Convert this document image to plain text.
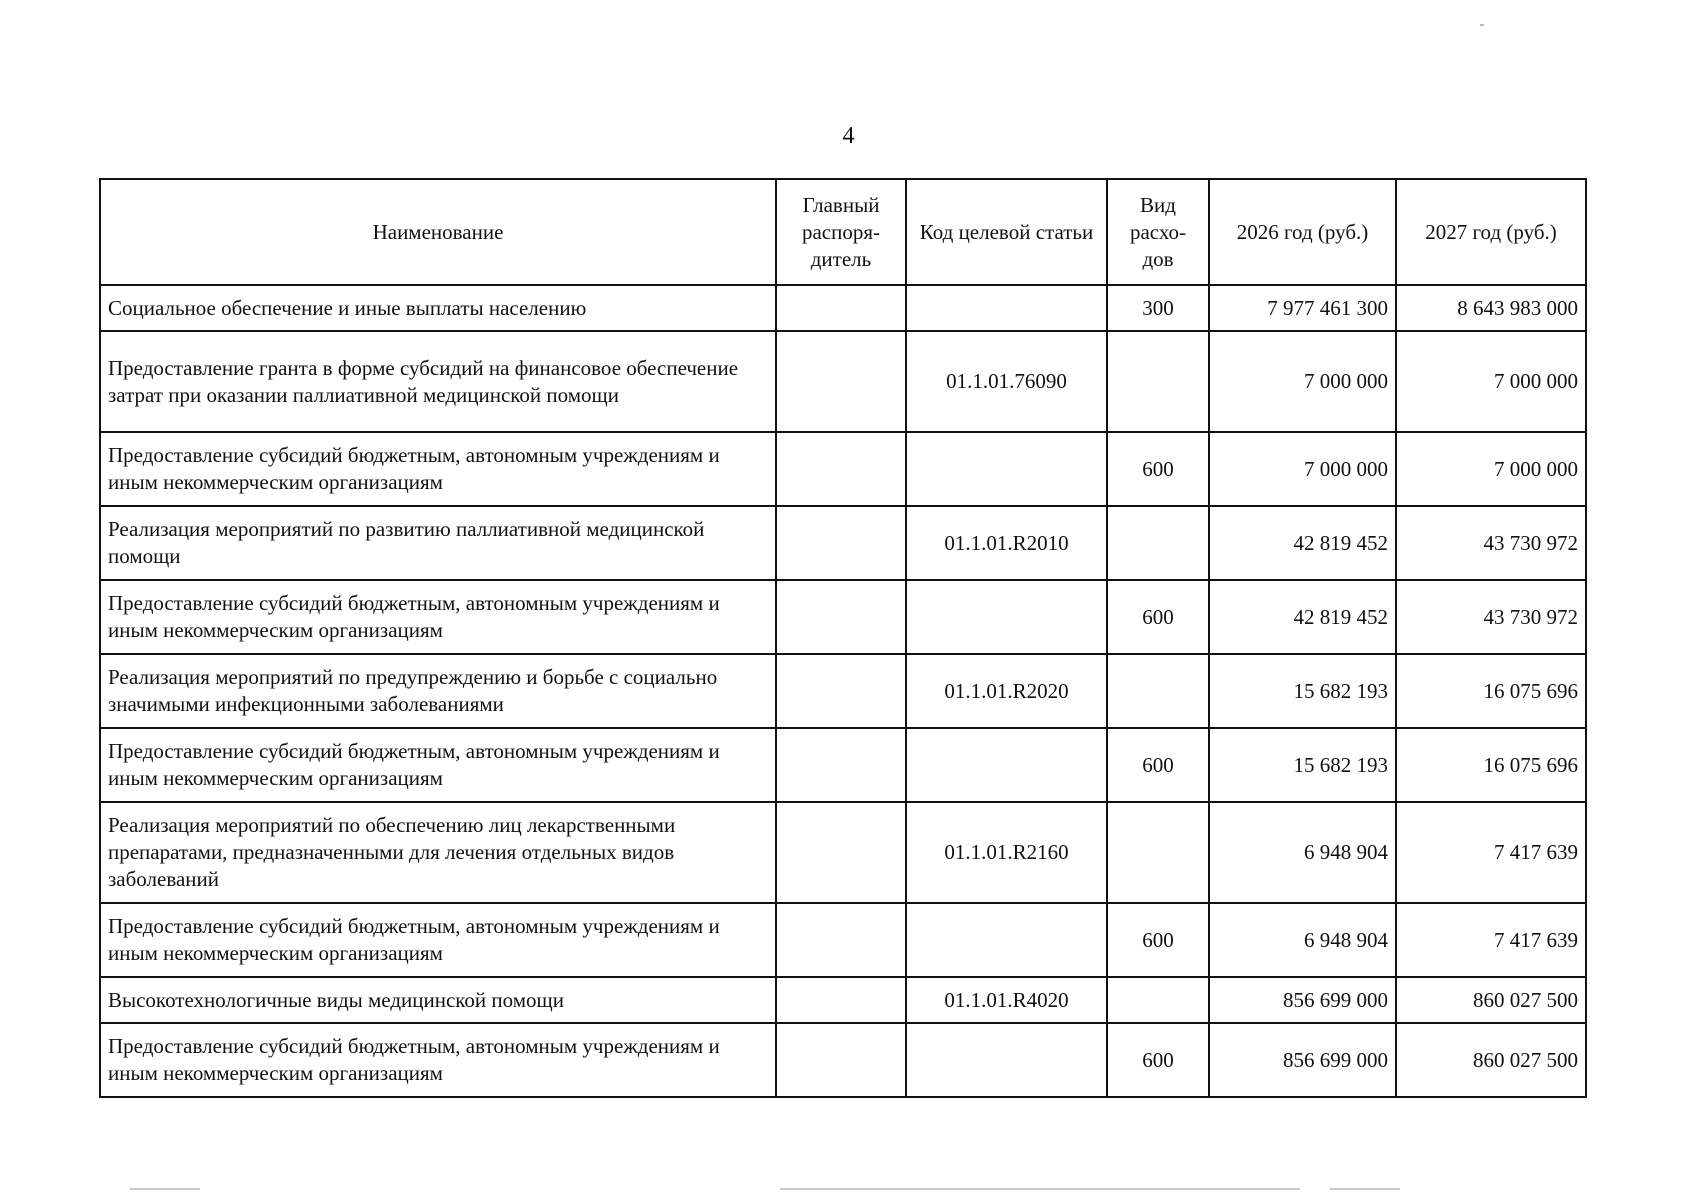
4
Наименование	Главный распоря-дитель	Код целевой статьи	Вид расхо-дов	2026 год (руб.)	2027 год (руб.)
Социальное обеспечение и иные выплаты населению			300	7 977 461 300	8 643 983 000
Предоставление гранта в форме субсидий на финансовое обеспечение затрат при оказании паллиативной медицинской помощи		01.1.01.76090		7 000 000	7 000 000
Предоставление субсидий бюджетным, автономным учреждениям и иным некоммерческим организациям			600	7 000 000	7 000 000
Реализация мероприятий по развитию паллиативной медицинской помощи		01.1.01.R2010		42 819 452	43 730 972
Предоставление субсидий бюджетным, автономным учреждениям и иным некоммерческим организациям			600	42 819 452	43 730 972
Реализация мероприятий по предупреждению и борьбе с социально значимыми инфекционными заболеваниями		01.1.01.R2020		15 682 193	16 075 696
Предоставление субсидий бюджетным, автономным учреждениям и иным некоммерческим организациям			600	15 682 193	16 075 696
Реализация мероприятий по обеспечению лиц лекарственными препаратами, предназначенными для лечения отдельных видов заболеваний		01.1.01.R2160		6 948 904	7 417 639
Предоставление субсидий бюджетным, автономным учреждениям и иным некоммерческим организациям			600	6 948 904	7 417 639
Высокотехнологичные виды медицинской помощи		01.1.01.R4020		856 699 000	860 027 500
Предоставление субсидий бюджетным, автономным учреждениям и иным некоммерческим организациям			600	856 699 000	860 027 500
